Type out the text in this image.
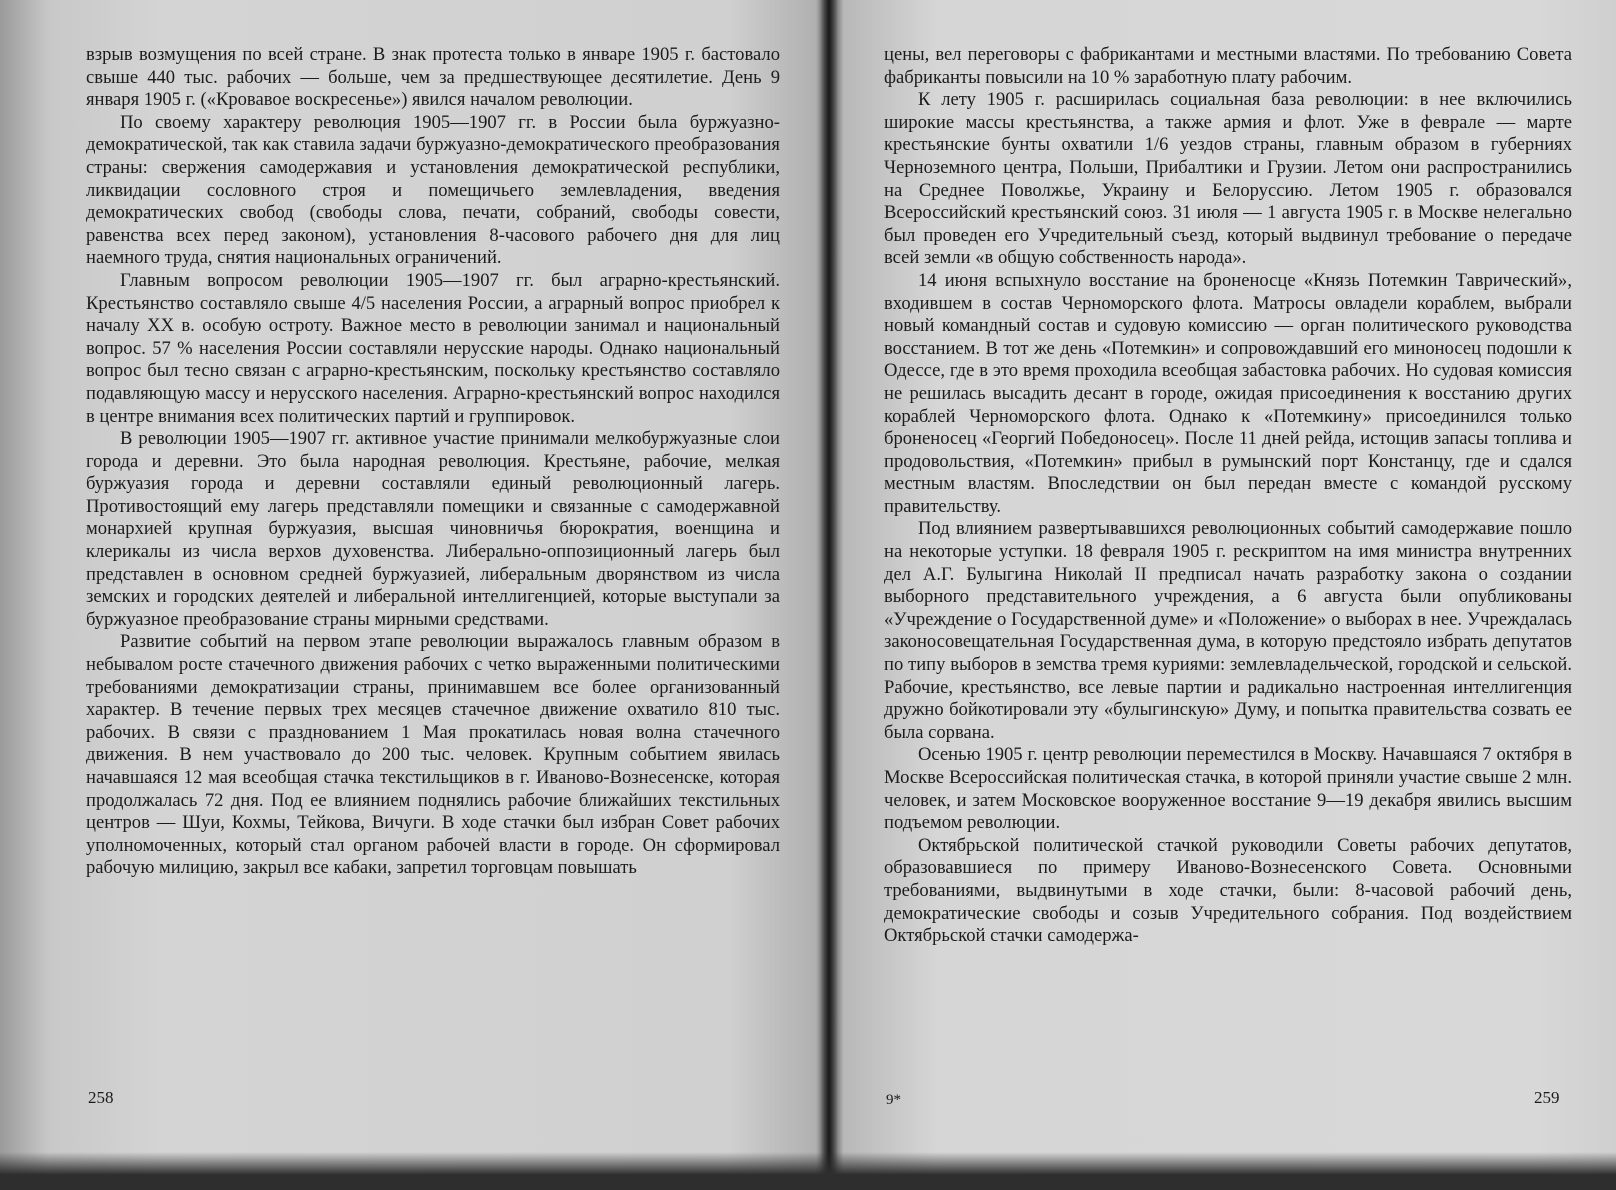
взрыв возмущения по всей стране. В знак протеста только в январе 1905 г. бастовало свыше 440 тыс. рабочих — больше, чем за предшествующее десятилетие. День 9 января 1905 г. («Кровавое воскресенье») явился началом революции.

По своему характеру революция 1905—1907 гг. в России была буржуазно-демократической, так как ставила задачи буржуазно-демократического преобразования страны: свержения самодержавия и установления демократической республики, ликвидации сословного строя и помещичьего землевладения, введения демократических свобод (свободы слова, печати, собраний, свободы совести, равенства всех перед законом), установления 8-часового рабочего дня для лиц наемного труда, снятия национальных ограничений.

Главным вопросом революции 1905—1907 гг. был аграрно-крестьянский. Крестьянство составляло свыше 4/5 населения России, а аграрный вопрос приобрел к началу XX в. особую остроту. Важное место в революции занимал и национальный вопрос. 57 % населения России составляли нерусские народы. Однако национальный вопрос был тесно связан с аграрно-крестьянским, поскольку крестьянство составляло подавляющую массу и нерусского населения. Аграрно-крестьянский вопрос находился в центре внимания всех политических партий и группировок.

В революции 1905—1907 гг. активное участие принимали мелкобуржуазные слои города и деревни. Это была народная революция. Крестьяне, рабочие, мелкая буржуазия города и деревни составляли единый революционный лагерь. Противостоящий ему лагерь представляли помещики и связанные с самодержавной монархией крупная буржуазия, высшая чиновничья бюрократия, военщина и клерикалы из числа верхов духовенства. Либерально-оппозиционный лагерь был представлен в основном средней буржуазией, либеральным дворянством из числа земских и городских деятелей и либеральной интеллигенцией, которые выступали за буржуазное преобразование страны мирными средствами.

Развитие событий на первом этапе революции выражалось главным образом в небывалом росте стачечного движения рабочих с четко выраженными политическими требованиями демократизации страны, принимавшем все более организованный характер. В течение первых трех месяцев стачечное движение охватило 810 тыс. рабочих. В связи с празднованием 1 Мая прокатилась новая волна стачечного движения. В нем участвовало до 200 тыс. человек. Крупным событием явилась начавшаяся 12 мая всеобщая стачка текстильщиков в г. Иваново-Вознесенске, которая продолжалась 72 дня. Под ее влиянием поднялись рабочие ближайших текстильных центров — Шуи, Кохмы, Тейкова, Вичуги. В ходе стачки был избран Совет рабочих уполномоченных, который стал органом рабочей власти в городе. Он сформировал рабочую милицию, закрыл все кабаки, запретил торговцам повышать

258

цены, вел переговоры с фабрикантами и местными властями. По требованию Совета фабриканты повысили на 10 % заработную плату рабочим.

К лету 1905 г. расширилась социальная база революции: в нее включились широкие массы крестьянства, а также армия и флот. Уже в феврале — марте крестьянские бунты охватили 1/6 уездов страны, главным образом в губерниях Черноземного центра, Польши, Прибалтики и Грузии. Летом они распространились на Среднее Поволжье, Украину и Белоруссию. Летом 1905 г. образовался Всероссийский крестьянский союз. 31 июля — 1 августа 1905 г. в Москве нелегально был проведен его Учредительный съезд, который выдвинул требование о передаче всей земли «в общую собственность народа».

14 июня вспыхнуло восстание на броненосце «Князь Потемкин Таврический», входившем в состав Черноморского флота. Матросы овладели кораблем, выбрали новый командный состав и судовую комиссию — орган политического руководства восстанием. В тот же день «Потемкин» и сопровождавший его миноносец подошли к Одессе, где в это время проходила всеобщая забастовка рабочих. Но судовая комиссия не решилась высадить десант в городе, ожидая присоединения к восстанию других кораблей Черноморского флота. Однако к «Потемкину» присоединился только броненосец «Георгий Победоносец». После 11 дней рейда, истощив запасы топлива и продовольствия, «Потемкин» прибыл в румынский порт Констанцу, где и сдался местным властям. Впоследствии он был передан вместе с командой русскому правительству.

Под влиянием развертывавшихся революционных событий самодержавие пошло на некоторые уступки. 18 февраля 1905 г. рескриптом на имя министра внутренних дел А.Г. Булыгина Николай II предписал начать разработку закона о создании выборного представительного учреждения, а 6 августа были опубликованы «Учреждение о Государственной думе» и «Положение» о выборах в нее. Учреждалась законосовещательная Государственная дума, в которую предстояло избрать депутатов по типу выборов в земства тремя куриями: землевладельческой, городской и сельской. Рабочие, крестьянство, все левые партии и радикально настроенная интеллигенция дружно бойкотировали эту «булыгинскую» Думу, и попытка правительства созвать ее была сорвана.

Осенью 1905 г. центр революции переместился в Москву. Начавшаяся 7 октября в Москве Всероссийская политическая стачка, в которой приняли участие свыше 2 млн. человек, и затем Московское вооруженное восстание 9—19 декабря явились высшим подъемом революции.

Октябрьской политической стачкой руководили Советы рабочих депутатов, образовавшиеся по примеру Иваново-Вознесенского Совета. Основными требованиями, выдвинутыми в ходе стачки, были: 8-часовой рабочий день, демократические свободы и созыв Учредительного собрания. Под воздействием Октябрьской стачки самодержа-

9*	259
